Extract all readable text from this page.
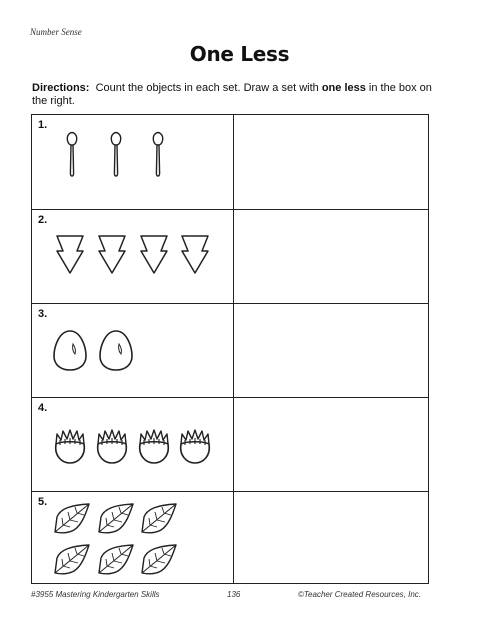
Number Sense
One Less
Directions: Count the objects in each set. Draw a set with one less in the box on the right.
1.
2.
3.
4.
5.
#3955 Mastering Kindergarten Skills	136	©Teacher Created Resources, Inc.
